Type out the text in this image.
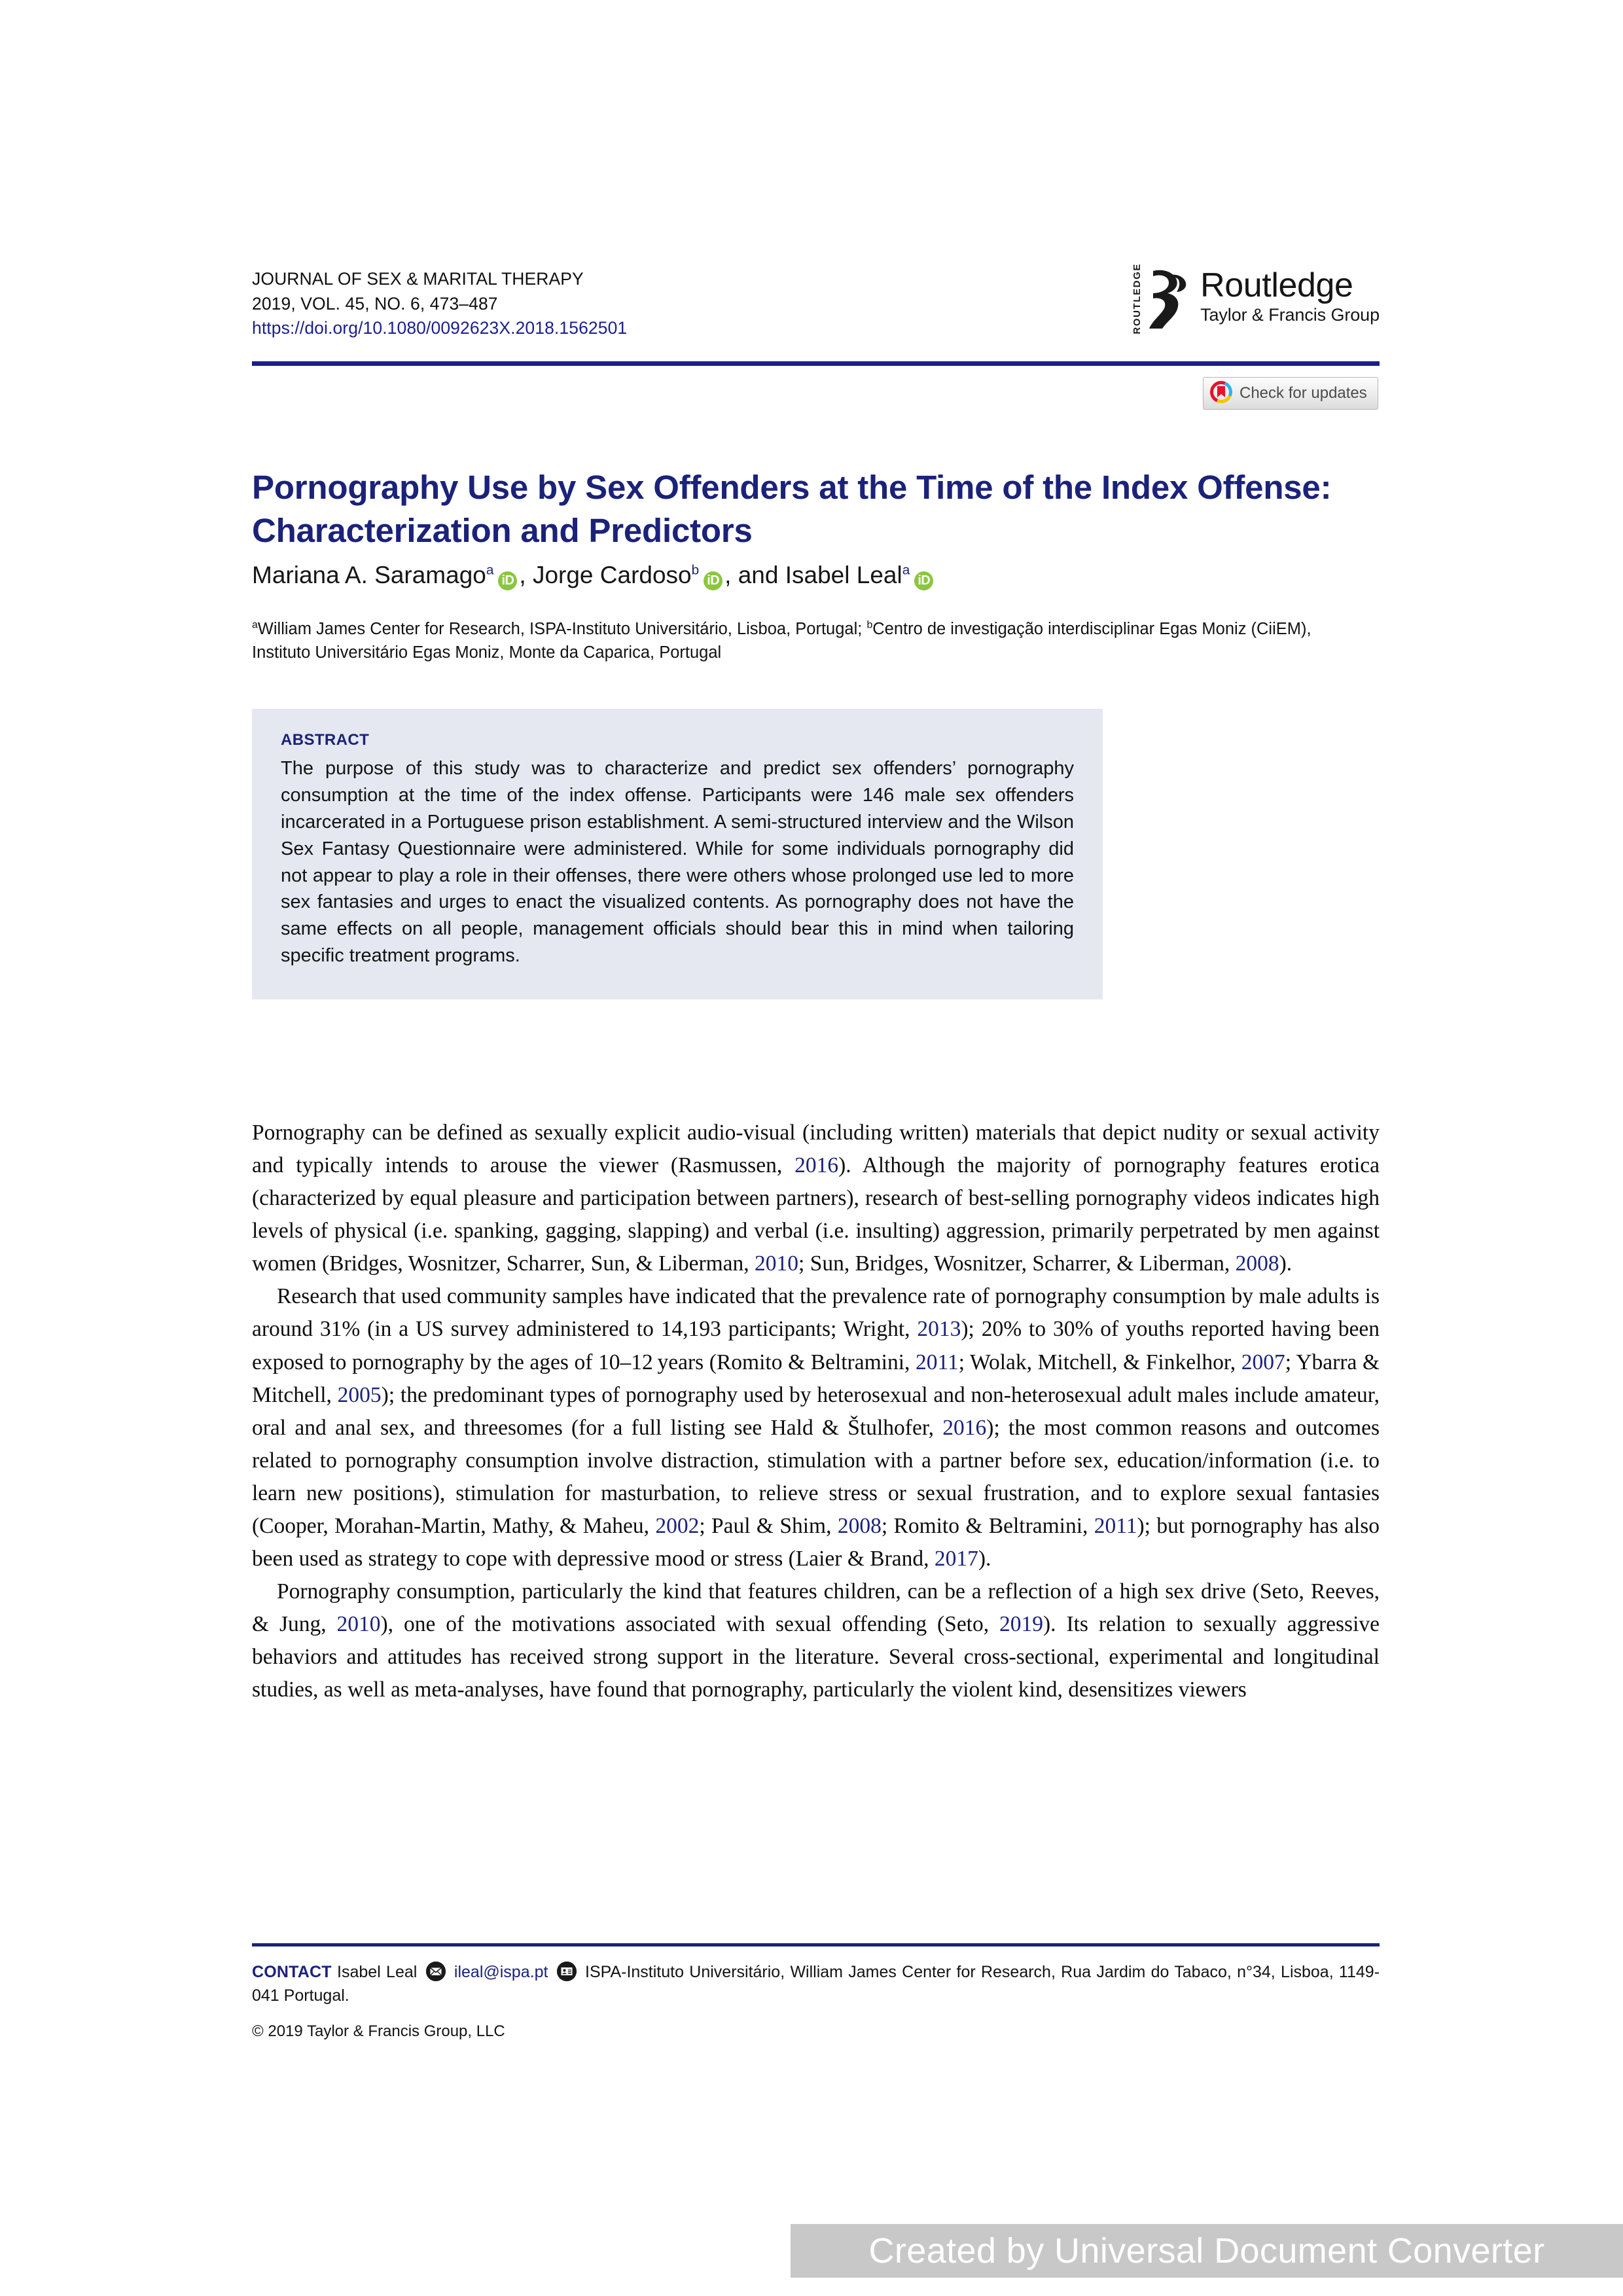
JOURNAL OF SEX & MARITAL THERAPY
2019, VOL. 45, NO. 6, 473–487
https://doi.org/10.1080/0092623X.2018.1562501	ROUTLEDGE Routledge
Taylor & Francis Group
Check for updates
Pornography Use by Sex Offenders at the Time of the Index Offense: Characterization and Predictors
Mariana A. Saramago$^a$iD , Jorge Cardoso$^b$iD , and Isabel Leal$^a$iD
$^a$William James Center for Research, ISPA-Instituto Universitário, Lisboa, Portugal; $^b$Centro de investigação interdisciplinar Egas Moniz (CiiEM), Instituto Universitário Egas Moniz, Monte da Caparica, Portugal
ABSTRACT
The purpose of this study was to characterize and predict sex offenders’ pornography consumption at the time of the index offense. Participants were 146 male sex offenders incarcerated in a Portuguese prison establishment. A semi-structured interview and the Wilson Sex Fantasy Questionnaire were administered. While for some individuals pornography did not appear to play a role in their offenses, there were others whose prolonged use led to more sex fantasies and urges to enact the visualized contents. As pornography does not have the same effects on all people, management officials should bear this in mind when tailoring specific treatment programs.

Pornography can be defined as sexually explicit audio-visual (including written) materials that depict nudity or sexual activity and typically intends to arouse the viewer (Rasmussen, 2016). Although the majority of pornography features erotica (characterized by equal pleasure and participation between partners), research of best-selling pornography videos indicates high levels of physical (i.e. spanking, gagging, slapping) and verbal (i.e. insulting) aggression, primarily perpetrated by men against women (Bridges, Wosnitzer, Scharrer, Sun, & Liberman, 2010; Sun, Bridges, Wosnitzer, Scharrer, & Liberman, 2008).

Research that used community samples have indicated that the prevalence rate of pornography consumption by male adults is around 31% (in a US survey administered to 14,193 participants; Wright, 2013); 20% to 30% of youths reported having been exposed to pornography by the ages of 10–12 years (Romito & Beltramini, 2011; Wolak, Mitchell, & Finkelhor, 2007; Ybarra & Mitchell, 2005); the predominant types of pornography used by heterosexual and non-heterosexual adult males include amateur, oral and anal sex, and threesomes (for a full listing see Hald & Štulhofer, 2016); the most common reasons and outcomes related to pornography consumption involve distraction, stimulation with a partner before sex, education/information (i.e. to learn new positions), stimulation for masturbation, to relieve stress or sexual frustration, and to explore sexual fantasies (Cooper, Morahan-Martin, Mathy, & Maheu, 2002; Paul & Shim, 2008; Romito & Beltramini, 2011); but pornography has also been used as strategy to cope with depressive mood or stress (Laier & Brand, 2017).

Pornography consumption, particularly the kind that features children, can be a reflection of a high sex drive (Seto, Reeves, & Jung, 2010), one of the motivations associated with sexual offending (Seto, 2019). Its relation to sexually aggressive behaviors and attitudes has received strong support in the literature. Several cross-sectional, experimental and longitudinal studies, as well as meta-analyses, have found that pornography, particularly the violent kind, desensitizes viewers

CONTACT Isabel Leal ileal@ispa.pt ISPA-Instituto Universitário, William James Center for Research, Rua Jardim do Tabaco, n°34, Lisboa, 1149-041 Portugal.
© 2019 Taylor & Francis Group, LLC
Created by Universal Document Converter
